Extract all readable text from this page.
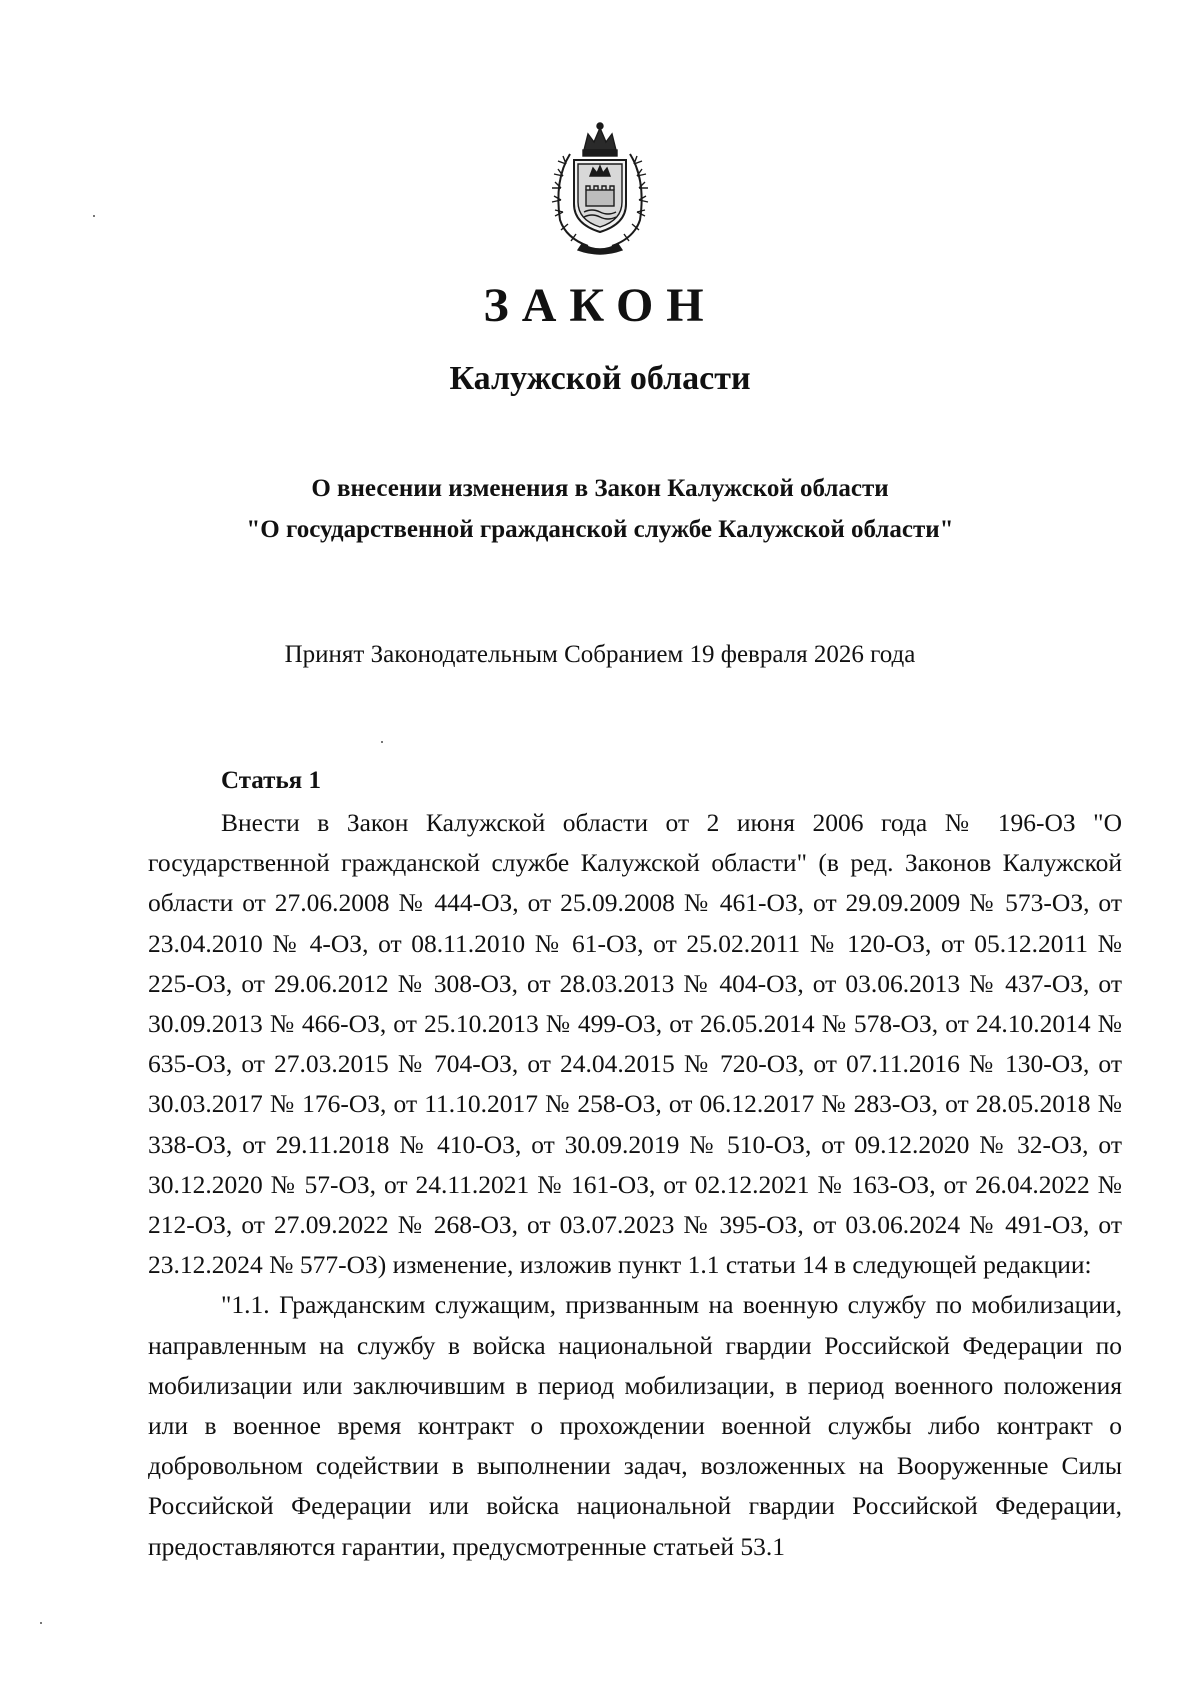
ЗАКОН
Калужской области
О внесении изменения в Закон Калужской области
"О государственной гражданской службе Калужской области"
Принят Законодательным Собранием 19 февраля 2026 года
Статья 1

Внести в Закон Калужской области от 2 июня 2006 года № 196-ОЗ "О государственной гражданской службе Калужской области" (в ред. Законов Калужской области от 27.06.2008 № 444-ОЗ, от 25.09.2008 № 461-ОЗ, от 29.09.2009 № 573-ОЗ, от 23.04.2010 № 4-ОЗ, от 08.11.2010 № 61-ОЗ, от 25.02.2011 № 120-ОЗ, от 05.12.2011 № 225-ОЗ, от 29.06.2012 № 308-ОЗ, от 28.03.2013 № 404-ОЗ, от 03.06.2013 № 437-ОЗ, от 30.09.2013 № 466-ОЗ, от 25.10.2013 № 499-ОЗ, от 26.05.2014 № 578-ОЗ, от 24.10.2014 № 635-ОЗ, от 27.03.2015 № 704-ОЗ, от 24.04.2015 № 720-ОЗ, от 07.11.2016 № 130-ОЗ, от 30.03.2017 № 176-ОЗ, от 11.10.2017 № 258-ОЗ, от 06.12.2017 № 283-ОЗ, от 28.05.2018 № 338-ОЗ, от 29.11.2018 № 410-ОЗ, от 30.09.2019 № 510-ОЗ, от 09.12.2020 № 32-ОЗ, от 30.12.2020 № 57-ОЗ, от 24.11.2021 № 161-ОЗ, от 02.12.2021 № 163-ОЗ, от 26.04.2022 № 212-ОЗ, от 27.09.2022 № 268-ОЗ, от 03.07.2023 № 395-ОЗ, от 03.06.2024 № 491-ОЗ, от 23.12.2024 № 577-ОЗ) изменение, изложив пункт 1.1 статьи 14 в следующей редакции:

"1.1. Гражданским служащим, призванным на военную службу по мобилизации, направленным на службу в войска национальной гвардии Российской Федерации по мобилизации или заключившим в период мобилизации, в период военного положения или в военное время контракт о прохождении военной службы либо контракт о добровольном содействии в выполнении задач, возложенных на Вооруженные Силы Российской Федерации или войска национальной гвардии Российской Федерации, предоставляются гарантии, предусмотренные статьей 53.1
